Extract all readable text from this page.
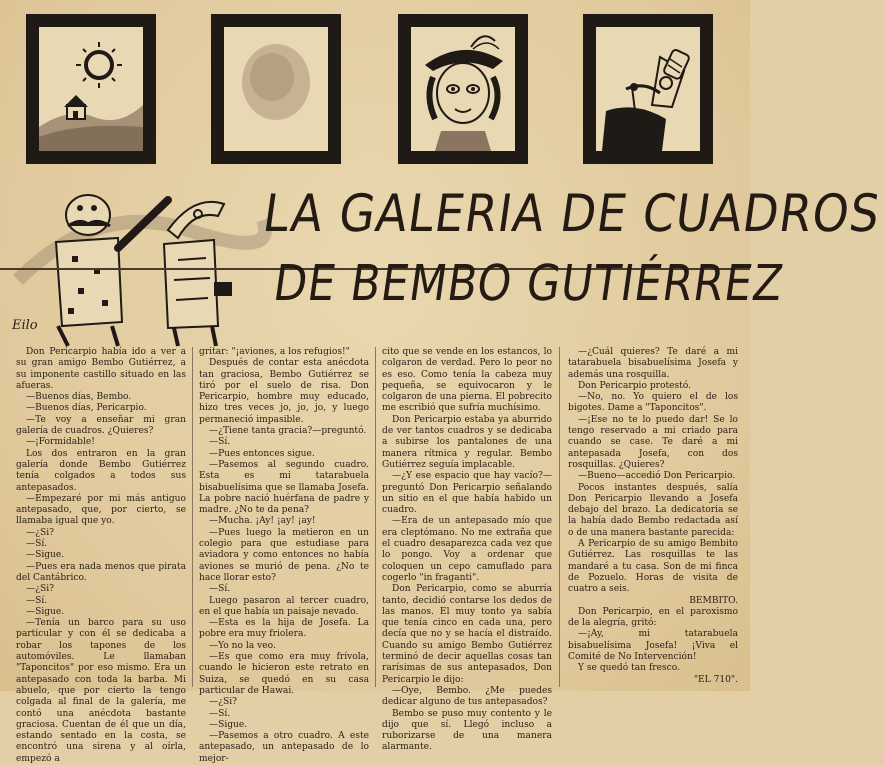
Eilo
LA GALERIA DE CUADROS
DE BEMBO GUTIÉRREZ

Don Pericarpio había ido a ver a su gran amigo Bembo Gutiérrez, a su imponente castillo situado en las afueras.

—Buenos días, Bembo.

—Buenos días, Pericarpio.

—Te voy a enseñar mi gran galería de cuadros. ¿Quieres?

—¡Formidable!

Los dos entraron en la gran galería donde Bembo Gutiérrez tenía colgados a todos sus antepasados.

—Empezaré por mi más antiguo antepasado, que, por cierto, se llamaba igual que yo.

—¿Si?

—Sí.

—Sigue.

—Pues era nada menos que pirata del Cantábrico.

—¿Si?

—Sí.

—Sigue.

—Tenía un barco para su uso particular y con él se dedicaba a robar los tapones de los automóviles. Le llamaban "Taponcitos" por eso mismo. Era un antepasado con toda la barba. Mi abuelo, que por cierto la tengo colgada al final de la galería, me contó una anécdota bastante graciosa. Cuentan de él que un día, estando sentado en la costa, se encontró una sirena y al oírla, empezó a

gritar: "¡aviones, a los refugios!"

Después de contar esta anécdota tan graciosa, Bembo Gutiérrez se tiró por el suelo de risa. Don Pericarpio, hombre muy educado, hizo tres veces jo, jo, jo, y luego permaneció impasible.

—¿Tiene tanta gracia?—preguntó.

—Sí.

—Pues entonces sigue.

—Pasemos al segundo cuadro. Esta es mi tatarabuela bisabuelísima que se llamaba Josefa. La pobre nació huérfana de padre y madre. ¿No te da pena?

—Mucha. ¡Ay! ¡ay! ¡ay!

—Pues luego la metieron en un colegio para que estudiase para aviadora y como entonces no había aviones se murió de pena. ¿No te hace llorar esto?

—Sí.

Luego pasaron al tercer cuadro, en el que había un paisaje nevado.

—Esta es la hija de Josefa. La pobre era muy friolera.

—Yo no la veo.

—Es que como era muy frívola, cuando le hicieron este retrato en Suiza, se quedó en su casa particular de Hawai.

—¿Si?

—Sí.

—Sigue.

—Pasemos a otro cuadro. A este antepasado, un antepasado de lo mejor-

cito que se vende en los estancos, lo colgaron de verdad. Pero lo peor no es eso. Como tenía la cabeza muy pequeña, se equivocaron y le colgaron de una pierna. El pobrecito me escribió que sufría muchísimo.

Don Pericarpio estaba ya aburrido de ver tantos cuadros y se dedicaba a subirse los pantalones de una manera rítmica y regular. Bembo Gutiérrez seguía implacable.

—¿Y ese espacio que hay vacío?—preguntó Don Pericarpio señalando un sitio en el que había habido un cuadro.

—Era de un antepasado mío que era cleptómano. No me extraña que el cuadro desaparezca cada vez que lo pongo. Voy a ordenar que coloquen un cepo camuflado para cogerlo "in fraganti".

Don Pericarpio, como se aburría tanto, decidió contarse los dedos de las manos. El muy tonto ya sabía que tenía cinco en cada una, pero decía que no y se hacía el distraído. Cuando su amigo Bembo Gutiérrez terminó de decir aquellas cosas tan rarísimas de sus antepasados, Don Pericarpio le dijo:

—Oye, Bembo. ¿Me puedes dedicar alguno de tus antepasados?

Bembo se puso muy contento y le dijo que sí. Llegó incluso a ruborizarse de una manera alarmante.

—¿Cuál quieres? Te daré a mi tatarabuela bisabuelísima Josefa y además una rosquilla.

Don Pericarpio protestó.

—No, no. Yo quiero el de los bigotes. Dame a "Taponcitos".

—¡Ese no te lo puedo dar! Se lo tengo reservado a mi criado para cuando se case. Te daré a mi antepasada Josefa, con dos rosquillas. ¿Quieres?

—Bueno—accedió Don Pericarpio.

Pocos instantes después, salía Don Pericarpio llevando a Josefa debajo del brazo. La dedicatoria se la había dado Bembo redactada así o de una manera bastante parecida:

A Pericarpio de su amigo Bembito Gutiérrez. Las rosquillas te las mandaré a tu casa. Son de mi finca de Pozuelo. Horas de visita de cuatro a seis.

BEMBITO.

Don Pericarpio, en el paroxismo de la alegría, gritó:

—¡Ay, mi tatarabuela bisabuelísima Josefa! ¡Viva el Comité de No Intervención!

Y se quedó tan fresco.

"EL 710".
